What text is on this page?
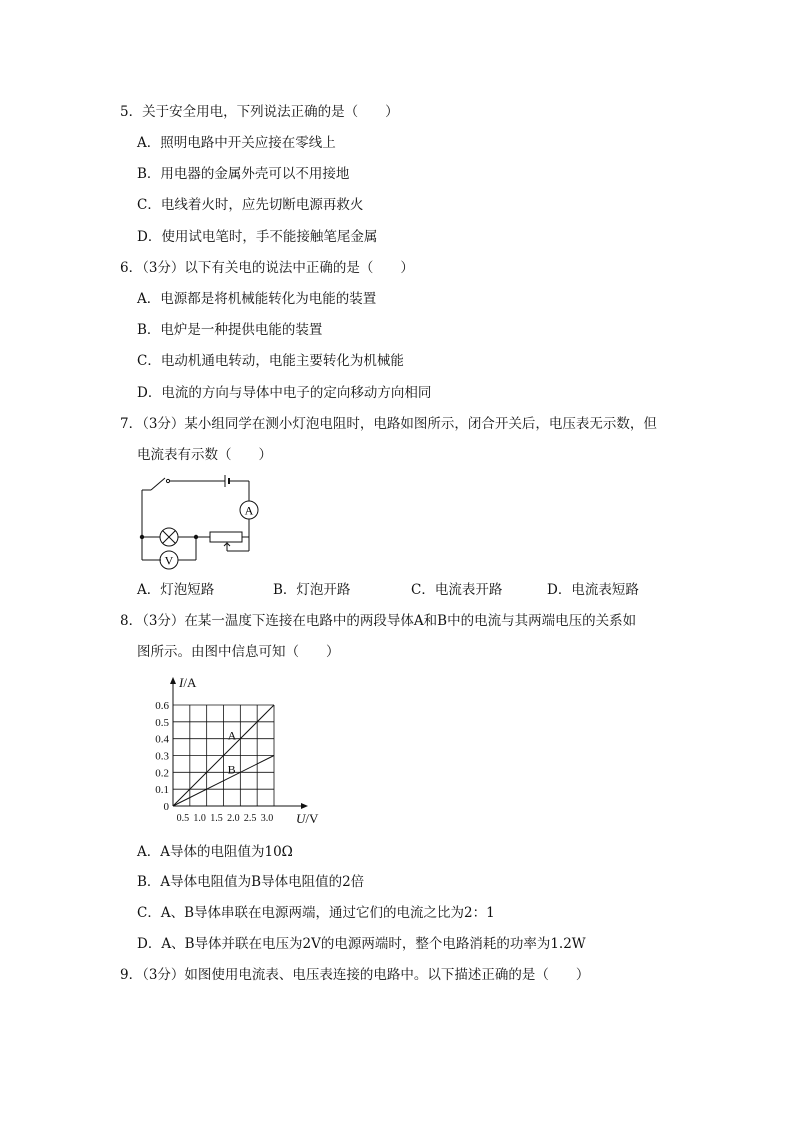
5．关于安全用电，下列说法正确的是（　　）
A．照明电路中开关应接在零线上
B．用电器的金属外壳可以不用接地
C．电线着火时，应先切断电源再救火
D．使用试电笔时，手不能接触笔尾金属
6．（3分）以下有关电的说法中正确的是（　　）
A．电源都是将机械能转化为电能的装置
B．电炉是一种提供电能的装置
C．电动机通电转动，电能主要转化为机械能
D．电流的方向与导体中电子的定向移动方向相同
7．（3分）某小组同学在测小灯泡电阻时，电路如图所示，闭合开关后，电压表无示数，但
电流表有示数（　　）
A
V
A．灯泡短路	B．灯泡开路	C．电流表开路	D．电流表短路
8．（3分）在某一温度下连接在电路中的两段导体A和B中的电流与其两端电压的关系如
图所示。由图中信息可知（　　）
A
B
0
0.1
0.2
0.3
0.4
0.5
0.6
0.5 1.0 1.5 2.0 2.5 3.0
I/A
U/V
A．A导体的电阻值为10Ω
B．A导体电阻值为B导体电阻值的2倍
C．A、B导体串联在电源两端，通过它们的电流之比为2：1
D．A、B导体并联在电压为2V的电源两端时，整个电路消耗的功率为1.2W
9．（3分）如图使用电流表、电压表连接的电路中。以下描述正确的是（　　）
